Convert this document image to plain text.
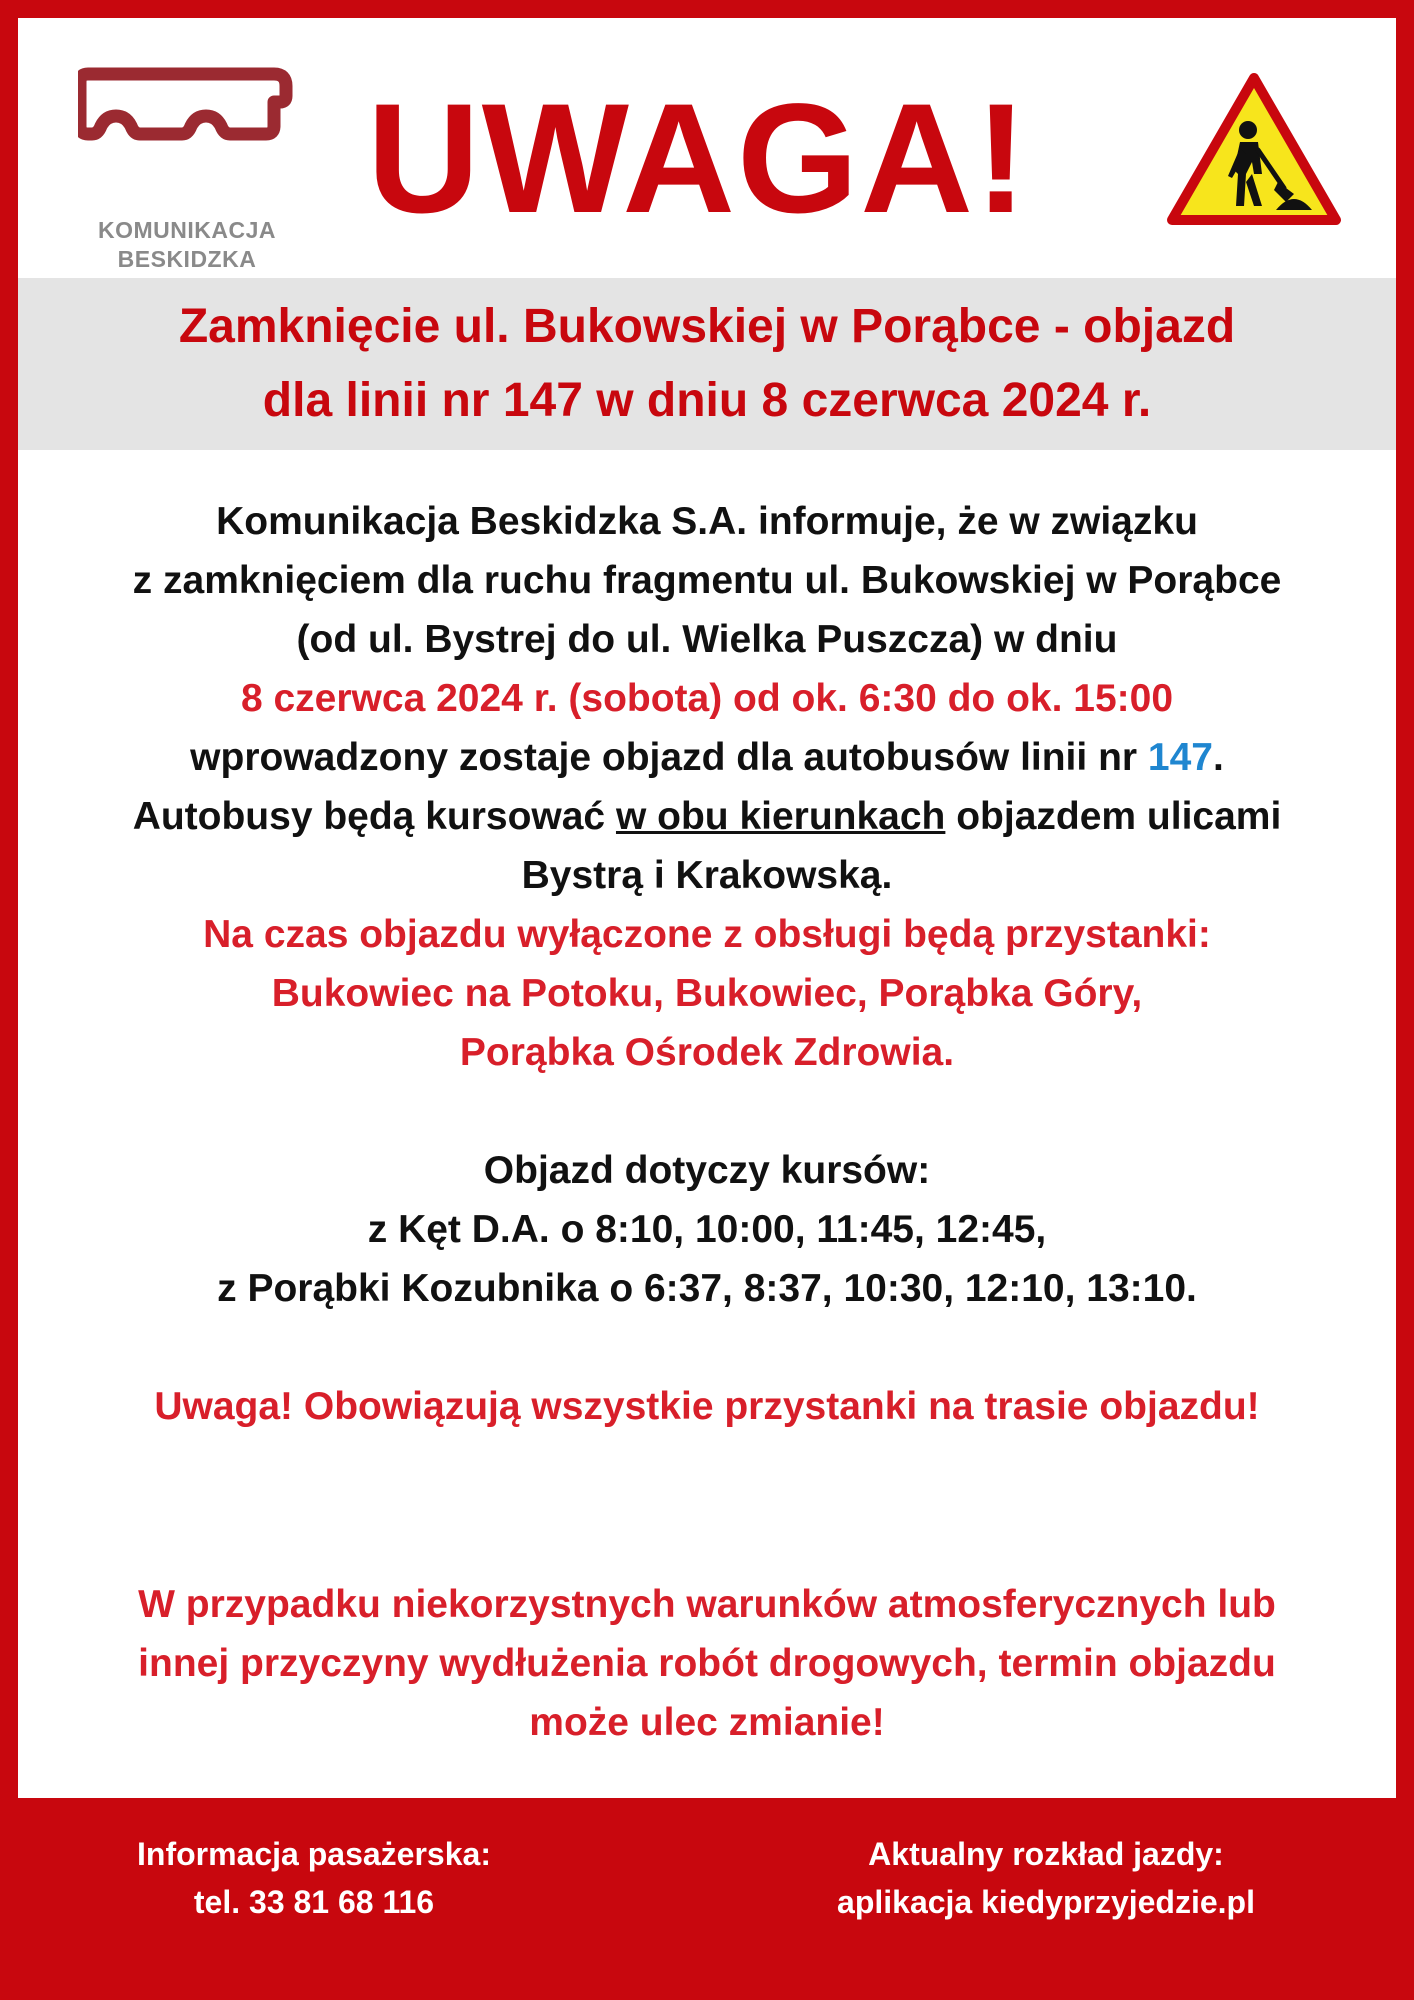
KOMUNIKACJA
BESKIDZKA
UWAGA!
Zamknięcie ul. Bukowskiej w Porąbce - objazd
dla linii nr 147 w dniu 8 czerwca 2024 r.
Komunikacja Beskidzka S.A. informuje, że w związku
z zamknięciem dla ruchu fragmentu ul. Bukowskiej w Porąbce
(od ul. Bystrej do ul. Wielka Puszcza) w dniu
8 czerwca 2024 r. (sobota) od ok. 6:30 do ok. 15:00
wprowadzony zostaje objazd dla autobusów linii nr 147.
Autobusy będą kursować w obu kierunkach objazdem ulicami
Bystrą i Krakowską.
Na czas objazdu wyłączone z obsługi będą przystanki:
Bukowiec na Potoku, Bukowiec, Porąbka Góry,
Porąbka Ośrodek Zdrowia.
Objazd dotyczy kursów:
z Kęt D.A. o 8:10, 10:00, 11:45, 12:45,
z Porąbki Kozubnika o 6:37, 8:37, 10:30, 12:10, 13:10.
Uwaga! Obowiązują wszystkie przystanki na trasie objazdu!
W przypadku niekorzystnych warunków atmosferycznych lub
innej przyczyny wydłużenia robót drogowych, termin objazdu
może ulec zmianie!
Informacja pasażerska:
tel. 33 81 68 116
Aktualny rozkład jazdy:
aplikacja kiedyprzyjedzie.pl
